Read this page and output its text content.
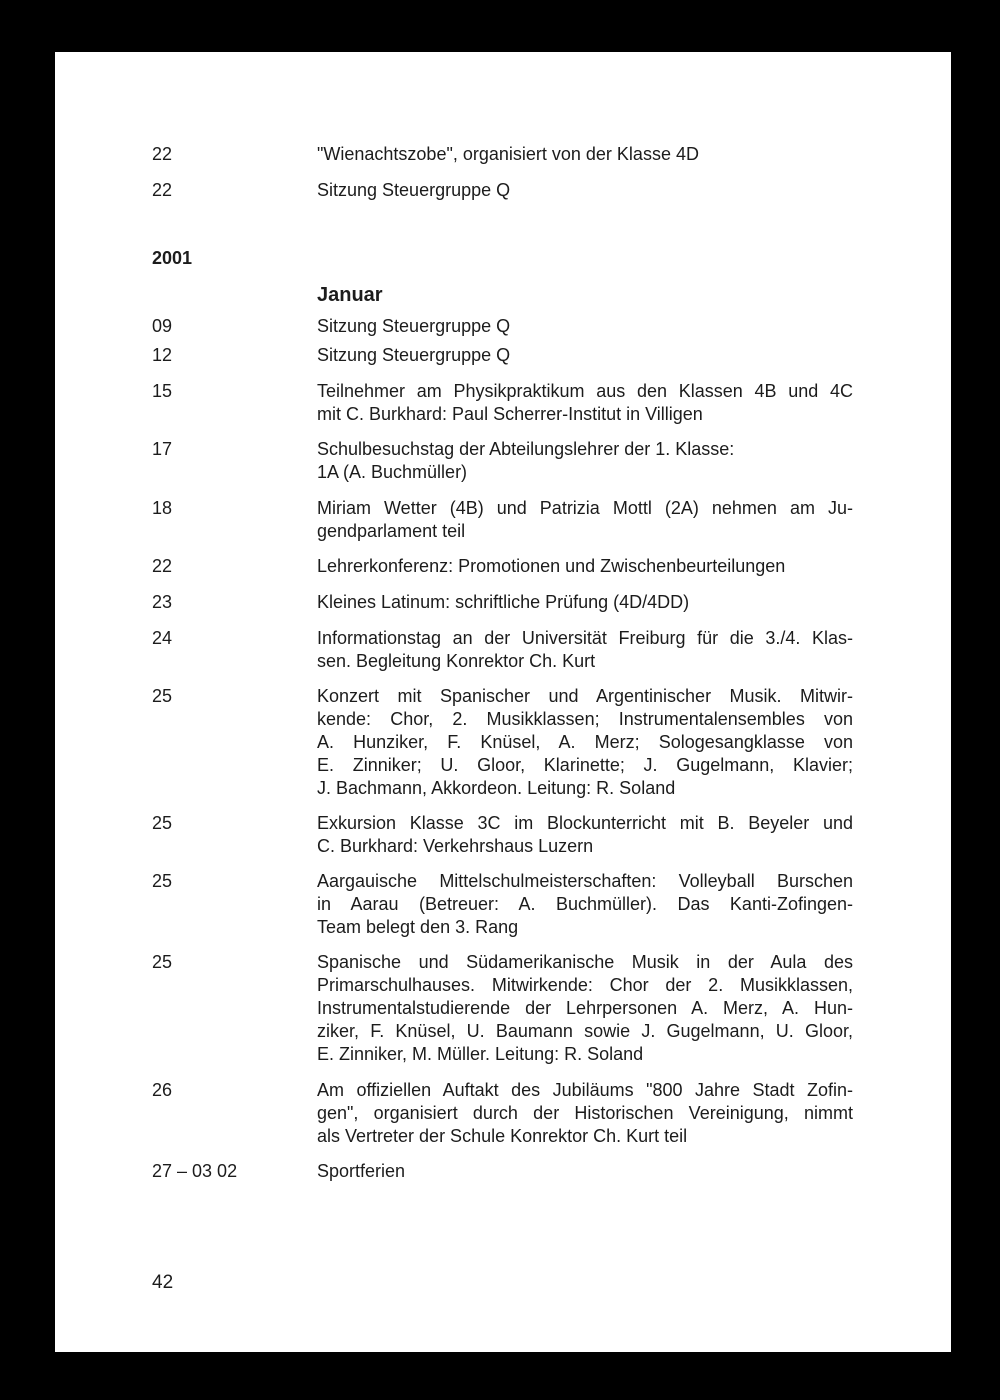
22	"Wienachtszobe", organisiert von der Klasse 4D
22	Sitzung Steuergruppe Q
2001
Januar
09	Sitzung Steuergruppe Q
12	Sitzung Steuergruppe Q
15	Teilnehmer am Physikpraktikum aus den Klassen 4B und 4C
mit C. Burkhard: Paul Scherrer-Institut in Villigen
17	Schulbesuchstag der Abteilungslehrer der 1. Klasse:
1A (A. Buchmüller)
18	Miriam Wetter (4B) und Patrizia Mottl (2A) nehmen am Ju-
gendparlament teil
22	Lehrerkonferenz: Promotionen und Zwischenbeurteilungen
23	Kleines Latinum: schriftliche Prüfung (4D/4DD)
24	Informationstag an der Universität Freiburg für die 3./4. Klas-
sen. Begleitung Konrektor Ch. Kurt
25	Konzert mit Spanischer und Argentinischer Musik. Mitwir-
kende: Chor, 2. Musikklassen; Instrumentalensembles von
A. Hunziker, F. Knüsel, A. Merz; Sologesangklasse von
E. Zinniker; U. Gloor, Klarinette; J. Gugelmann, Klavier;
J. Bachmann, Akkordeon. Leitung: R. Soland
25	Exkursion Klasse 3C im Blockunterricht mit B. Beyeler und
C. Burkhard: Verkehrshaus Luzern
25	Aargauische Mittelschulmeisterschaften: Volleyball Burschen
in Aarau (Betreuer: A. Buchmüller). Das Kanti-Zofingen-
Team belegt den 3. Rang
25	Spanische und Südamerikanische Musik in der Aula des
Primarschulhauses. Mitwirkende: Chor der 2. Musikklassen,
Instrumentalstudierende der Lehrpersonen A. Merz, A. Hun-
ziker, F. Knüsel, U. Baumann sowie J. Gugelmann, U. Gloor,
E. Zinniker, M. Müller. Leitung: R. Soland
26	Am offiziellen Auftakt des Jubiläums "800 Jahre Stadt Zofin-
gen", organisiert durch der Historischen Vereinigung, nimmt
als Vertreter der Schule Konrektor Ch. Kurt teil
27 – 03 02	Sportferien
42
